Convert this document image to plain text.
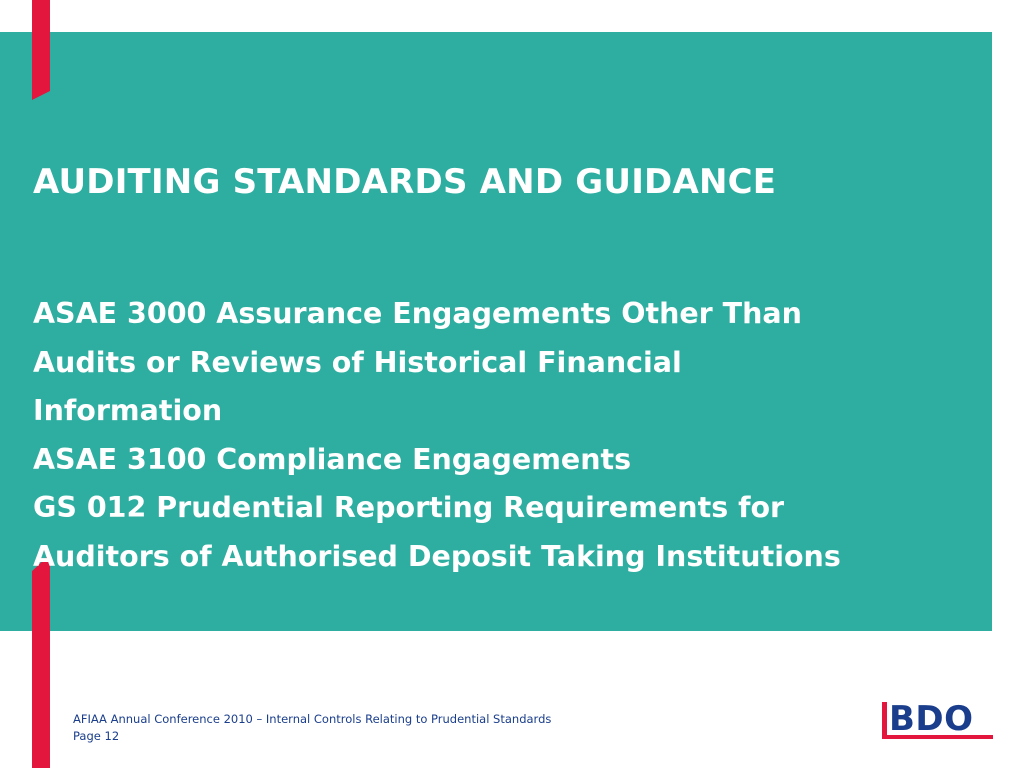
AUDITING STANDARDS AND GUIDANCE
ASAE 3000 Assurance Engagements Other Than
Audits or Reviews of Historical Financial
Information
ASAE 3100 Compliance Engagements
GS 012 Prudential Reporting Requirements for
Auditors of Authorised Deposit Taking Institutions
AFIAA Annual Conference 2010 – Internal Controls Relating to Prudential Standards
Page 12	BDO
